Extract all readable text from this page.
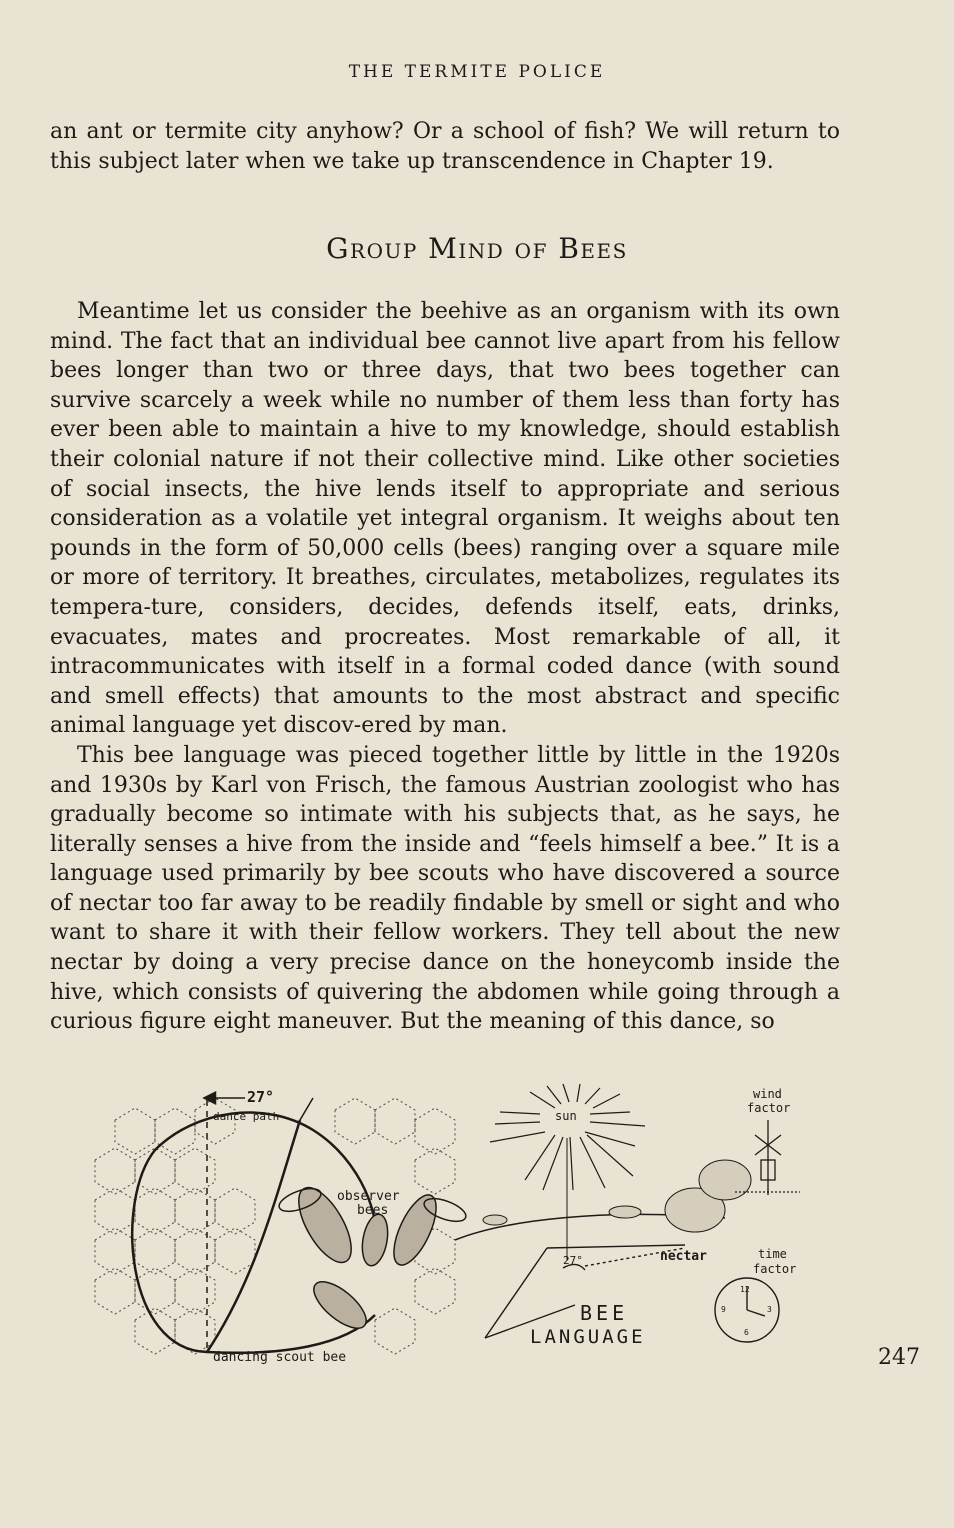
THE TERMITE POLICE
an ant or termite city anyhow? Or a school of fish? We will return to this subject later when we take up transcendence in Chapter 19.
Group Mind of Bees

Meantime let us consider the beehive as an organism with its own mind. The fact that an individual bee cannot live apart from his fellow bees longer than two or three days, that two bees together can survive scarcely a week while no number of them less than forty has ever been able to maintain a hive to my knowledge, should establish their colonial nature if not their collective mind. Like other societies of social insects, the hive lends itself to appropriate and serious consideration as a volatile yet integral organism. It weighs about ten pounds in the form of 50,000 cells (bees) ranging over a square mile or more of territory. It breathes, circulates, metabolizes, regulates its tempera-ture, considers, decides, defends itself, eats, drinks, evacuates, mates and procreates. Most remarkable of all, it intracommunicates with itself in a formal coded dance (with sound and smell effects) that amounts to the most abstract and specific animal language yet discov-ered by man.

This bee language was pieced together little by little in the 1920s and 1930s by Karl von Frisch, the famous Austrian zoologist who has gradually become so intimate with his subjects that, as he says, he literally senses a hive from the inside and “feels himself a bee.” It is a language used primarily by bee scouts who have discovered a source of nectar too far away to be readily findable by smell or sight and who want to share it with their fellow workers. They tell about the new nectar by doing a very precise dance on the honeycomb inside the hive, which consists of quivering the abdomen while going through a curious figure eight maneuver. But the meaning of this dance, so

27°
dance path
observer
bees
dancing scout bee
sun
wind
factor
nectar
27°
BEE
LANGUAGE
12
3
6
9
time
factor
247
